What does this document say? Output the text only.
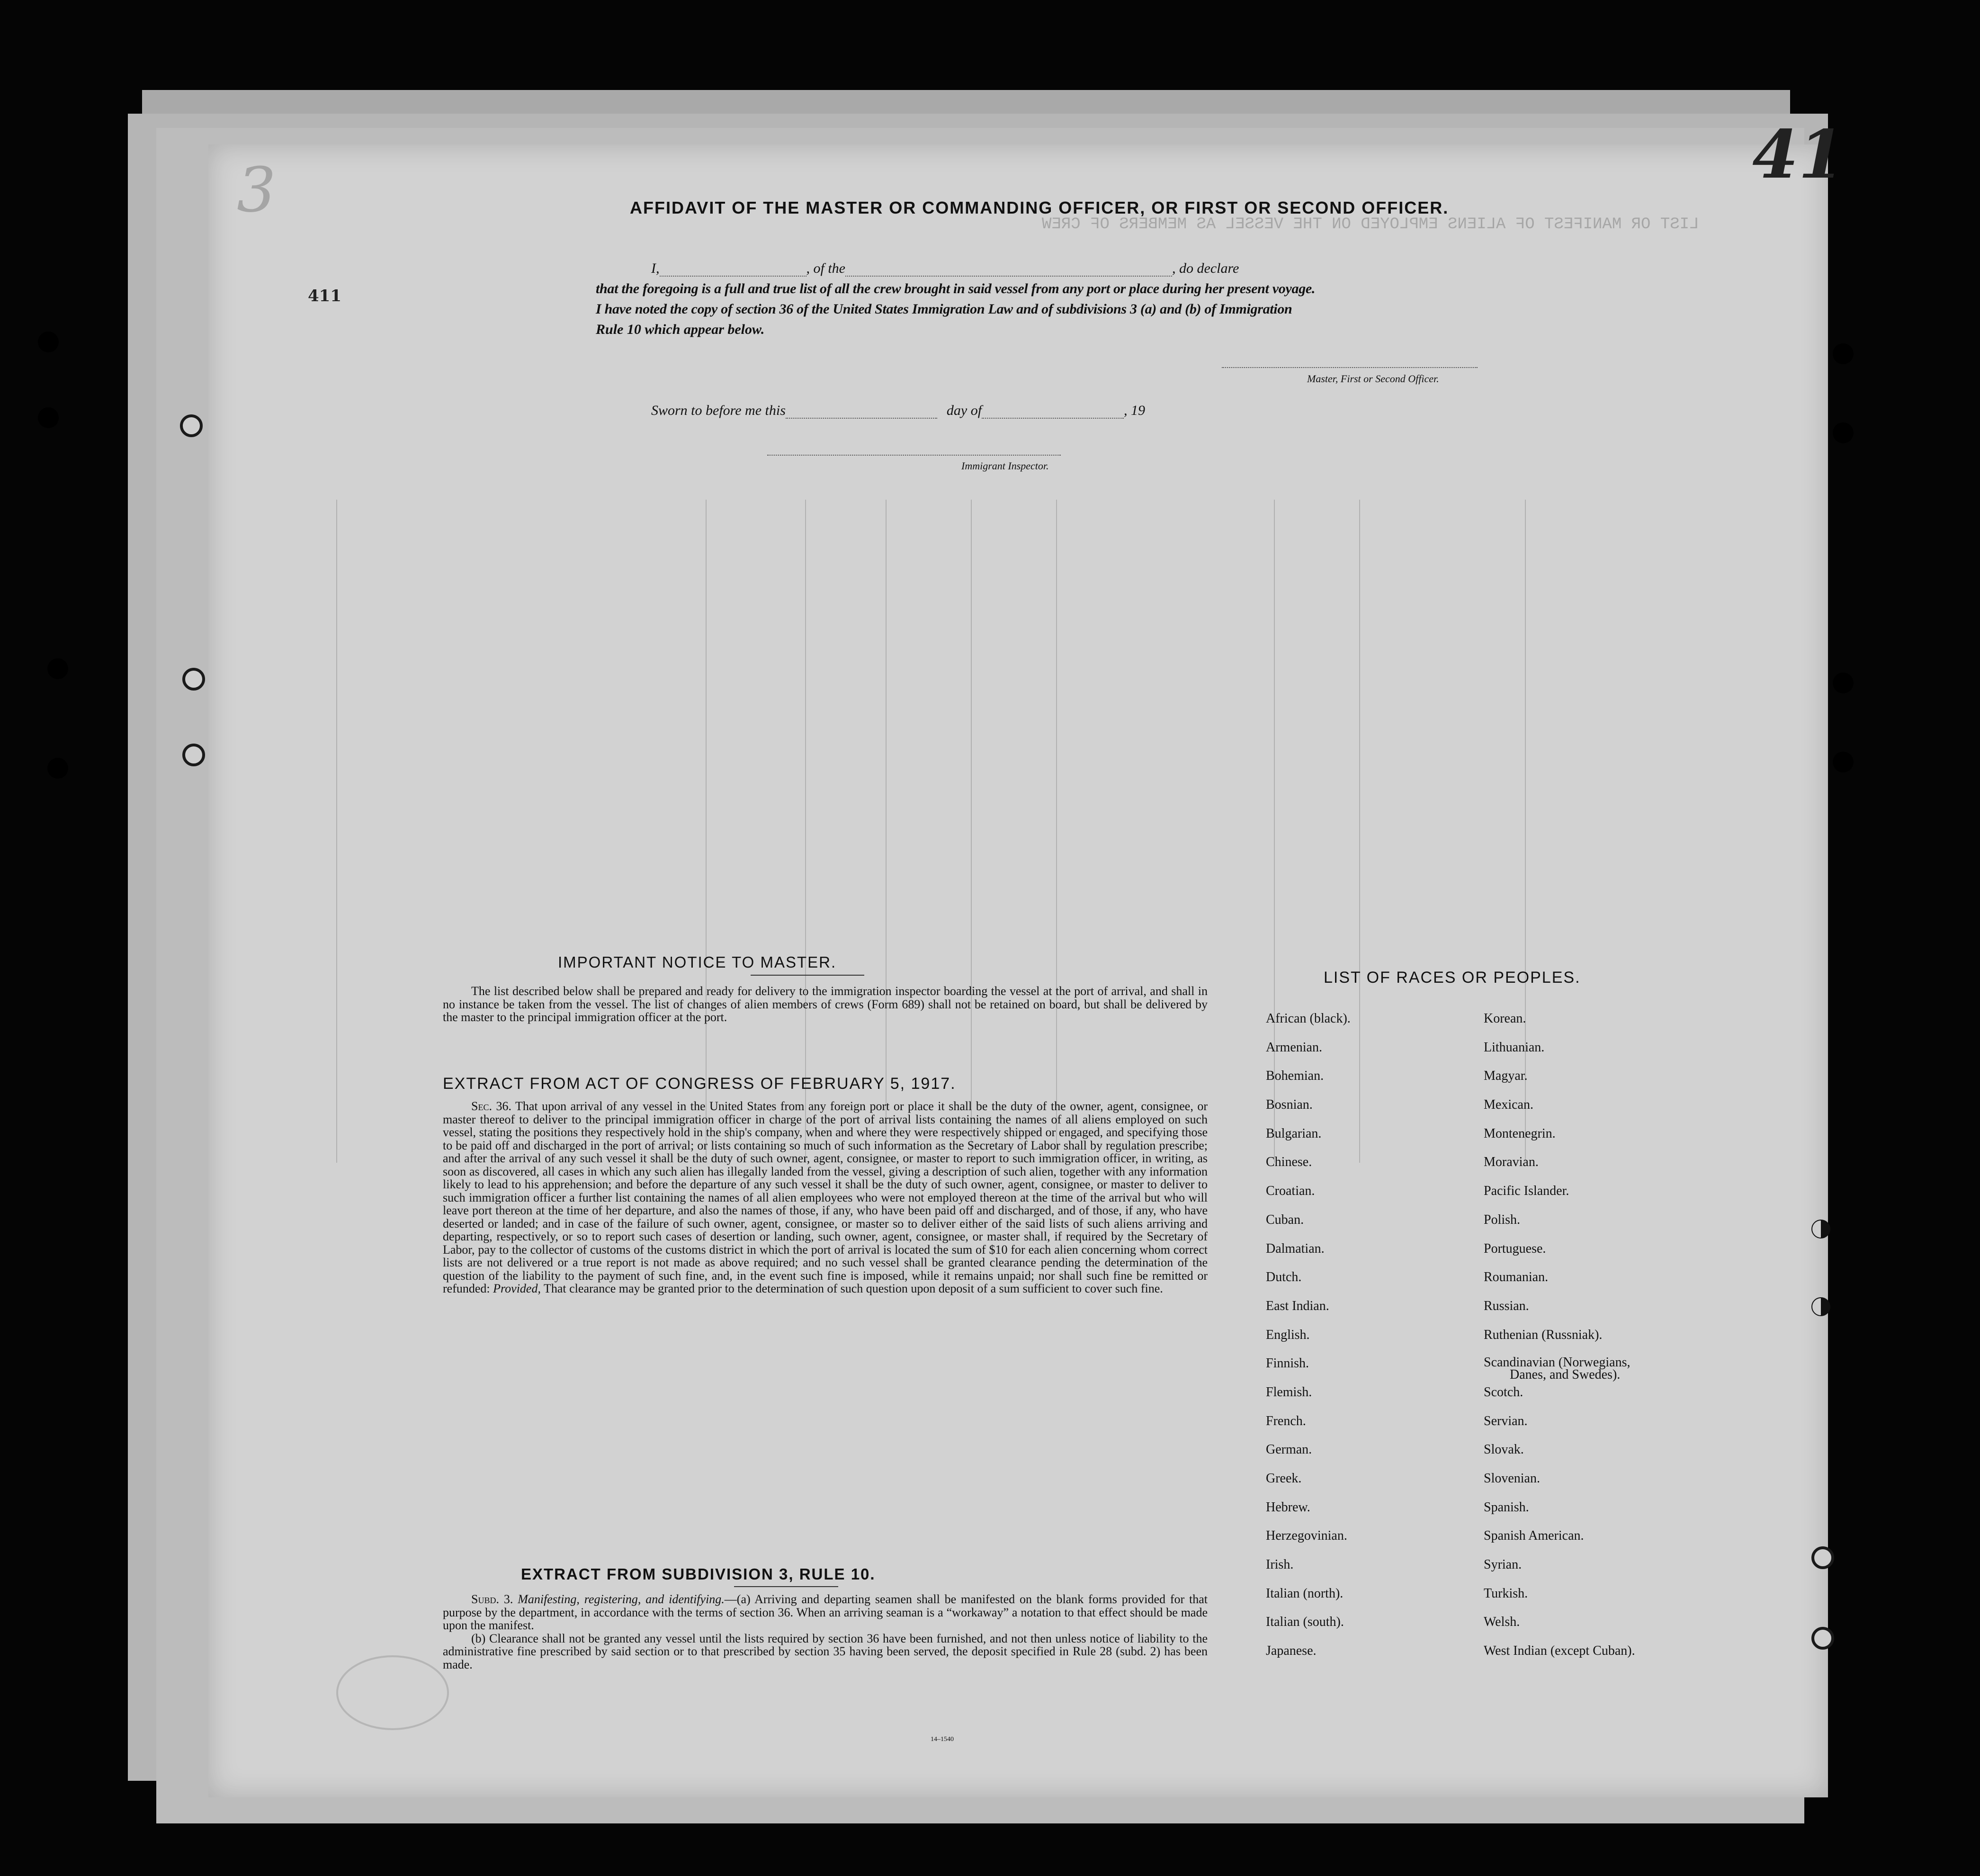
LIST OR MANIFEST OF ALIENS EMPLOYED ON THE VESSEL AS MEMBERS OF CREW
3	41
411
AFFIDAVIT OF THE MASTER OR COMMANDING OFFICER, OR FIRST OR SECOND OFFICER.
I,	, of the	, do declare
that the foregoing is a full and true list of all the crew brought in said vessel from any port or place during her present voyage.
I have noted the copy of section 36 of the United States Immigration Law and of subdivisions 3 (a) and (b) of Immigration
Rule 10 which appear below.
Master, First or Second Officer.
Sworn to before me this	day of	, 19
Immigrant Inspector.
IMPORTANT NOTICE TO MASTER.

The list described below shall be prepared and ready for delivery to the immigration inspector boarding the vessel at the port of arrival, and shall in no instance be taken from the vessel. The list of changes of alien members of crews (Form 689) shall not be retained on board, but shall be delivered by the master to the principal immigration officer at the port.

EXTRACT FROM ACT OF CONGRESS OF FEBRUARY 5, 1917.

Sec. 36. That upon arrival of any vessel in the United States from any foreign port or place it shall be the duty of the owner, agent, consignee, or master thereof to deliver to the principal immigration officer in charge of the port of arrival lists containing the names of all aliens employed on such vessel, stating the positions they respectively hold in the ship's company, when and where they were respectively shipped or engaged, and specifying those to be paid off and discharged in the port of arrival; or lists containing so much of such information as the Secretary of Labor shall by regulation prescribe; and after the arrival of any such vessel it shall be the duty of such owner, agent, consignee, or master to report to such immigration officer, in writing, as soon as discovered, all cases in which any such alien has illegally landed from the vessel, giving a description of such alien, together with any information likely to lead to his apprehension; and before the departure of any such vessel it shall be the duty of such owner, agent, consignee, or master to deliver to such immigration officer a further list containing the names of all alien employees who were not employed thereon at the time of the arrival but who will leave port thereon at the time of her departure, and also the names of those, if any, who have been paid off and discharged, and of those, if any, who have deserted or landed; and in case of the failure of such owner, agent, consignee, or master so to deliver either of the said lists of such aliens arriving and departing, respectively, or so to report such cases of desertion or landing, such owner, agent, consignee, or master shall, if required by the Secretary of Labor, pay to the collector of customs of the customs district in which the port of arrival is located the sum of $10 for each alien concerning whom correct lists are not delivered or a true report is not made as above required; and no such vessel shall be granted clearance pending the determination of the question of the liability to the payment of such fine, and, in the event such fine is imposed, while it remains unpaid; nor shall such fine be remitted or refunded: Provided, That clearance may be granted prior to the determination of such question upon deposit of a sum sufficient to cover such fine.

EXTRACT FROM SUBDIVISION 3, RULE 10.

Subd. 3. Manifesting, registering, and identifying.—(a) Arriving and departing seamen shall be manifested on the blank forms provided for that purpose by the department, in accordance with the terms of section 36. When an arriving seaman is a “workaway” a notation to that effect should be made upon the manifest.

(b) Clearance shall not be granted any vessel until the lists required by section 36 have been furnished, and not then unless notice of liability to the administrative fine prescribed by said section or to that prescribed by section 35 having been served, the deposit specified in Rule 28 (subd. 2) has been made.

14–1540
LIST OF RACES OR PEOPLES.
African (black).
Armenian.
Bohemian.
Bosnian.
Bulgarian.
Chinese.
Croatian.
Cuban.
Dalmatian.
Dutch.
East Indian.
English.
Finnish.
Flemish.
French.
German.
Greek.
Hebrew.
Herzegovinian.
Irish.
Italian (north).
Italian (south).
Japanese.
Korean.
Lithuanian.
Magyar.
Mexican.
Montenegrin.
Moravian.
Pacific Islander.
Polish.
Portuguese.
Roumanian.
Russian.
Ruthenian (Russniak).
Scandinavian (Norwegians,
Danes, and Swedes).
Scotch.
Servian.
Slovak.
Slovenian.
Spanish.
Spanish American.
Syrian.
Turkish.
Welsh.
West Indian (except Cuban).
